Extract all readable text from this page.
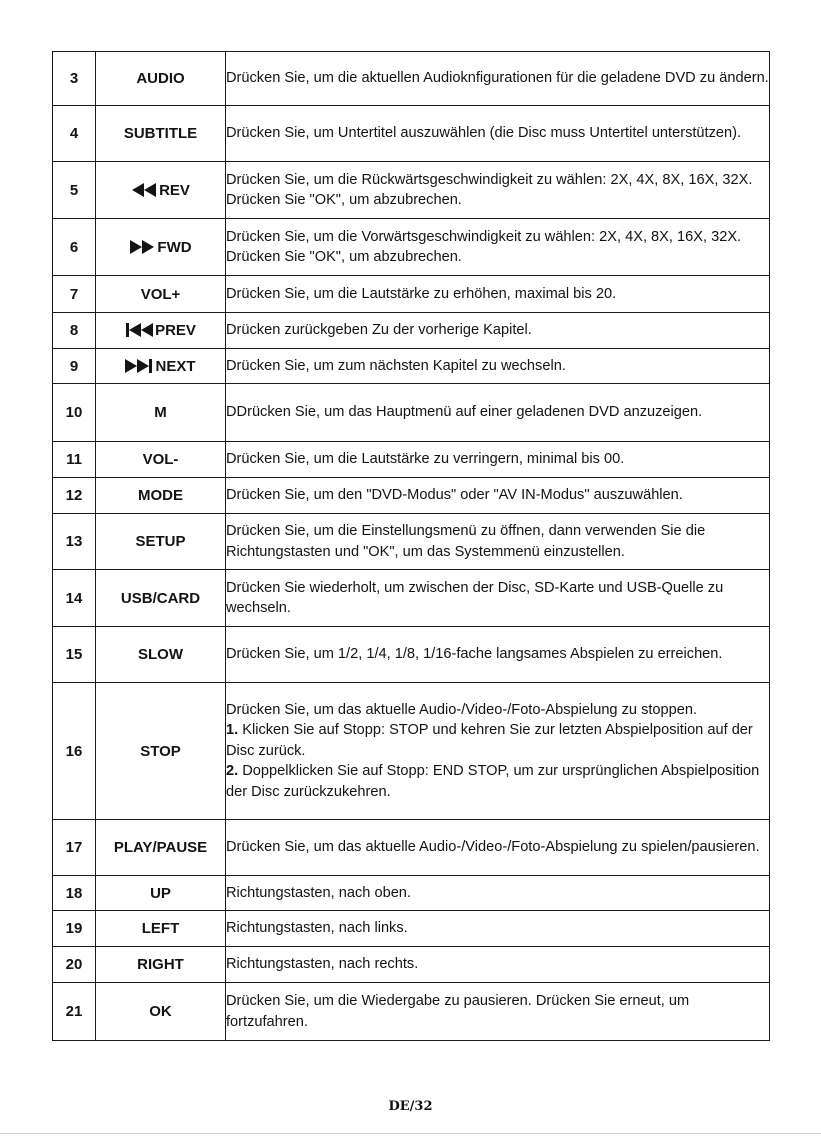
3	AUDIO	Drücken Sie, um die aktuellen Audioknfigurationen für die geladene DVD zu ändern.
4	SUBTITLE	Drücken Sie, um Untertitel auszuwählen (die Disc muss Untertitel unterstützen).
5	REV	Drücken Sie, um die Rückwärtsgeschwindigkeit zu wählen: 2X, 4X, 8X, 16X, 32X. Drücken Sie "OK", um abzubrechen.
6	FWD	Drücken Sie, um die Vorwärtsgeschwindigkeit zu wählen: 2X, 4X, 8X, 16X, 32X. Drücken Sie "OK", um abzubrechen.
7	VOL+	Drücken Sie, um die Lautstärke zu erhöhen, maximal bis 20.
8	PREV	Drücken zurückgeben Zu der vorherige Kapitel.
9	NEXT	Drücken Sie, um zum nächsten Kapitel zu wechseln.
10	M	DDrücken Sie, um das Hauptmenü auf einer geladenen DVD anzuzeigen.
11	VOL-	Drücken Sie, um die Lautstärke zu verringern, minimal bis 00.
12	MODE	Drücken Sie, um den "DVD-Modus" oder "AV IN-Modus" auszuwählen.
13	SETUP	Drücken Sie, um die Einstellungsmenü zu öffnen, dann verwenden Sie die Richtungstasten und "OK", um das Systemmenü einzustellen.
14	USB/CARD	Drücken Sie wiederholt, um zwischen der Disc, SD-Karte und USB-Quelle zu wechseln.
15	SLOW	Drücken Sie, um 1/2, 1/4, 1/8, 1/16-fache langsames Abspielen zu erreichen.
16	STOP	Drücken Sie, um das aktuelle Audio-/Video-/Foto-Abspielung zu stoppen.
1. Klicken Sie auf Stopp: STOP und kehren Sie zur letzten Abspielposition auf der Disc zurück.
2. Doppelklicken Sie auf Stopp: END STOP, um zur ursprünglichen Abspielposition der Disc zurückzukehren.

17	PLAY/PAUSE	Drücken Sie, um das aktuelle Audio-/Video-/Foto-Abspielung zu spielen/pausieren.
18	UP	Richtungstasten, nach oben.
19	LEFT	Richtungstasten, nach links.
20	RIGHT	Richtungstasten, nach rechts.
21	OK	Drücken Sie, um die Wiedergabe zu pausieren. Drücken Sie erneut, um fortzufahren.
DE/32
